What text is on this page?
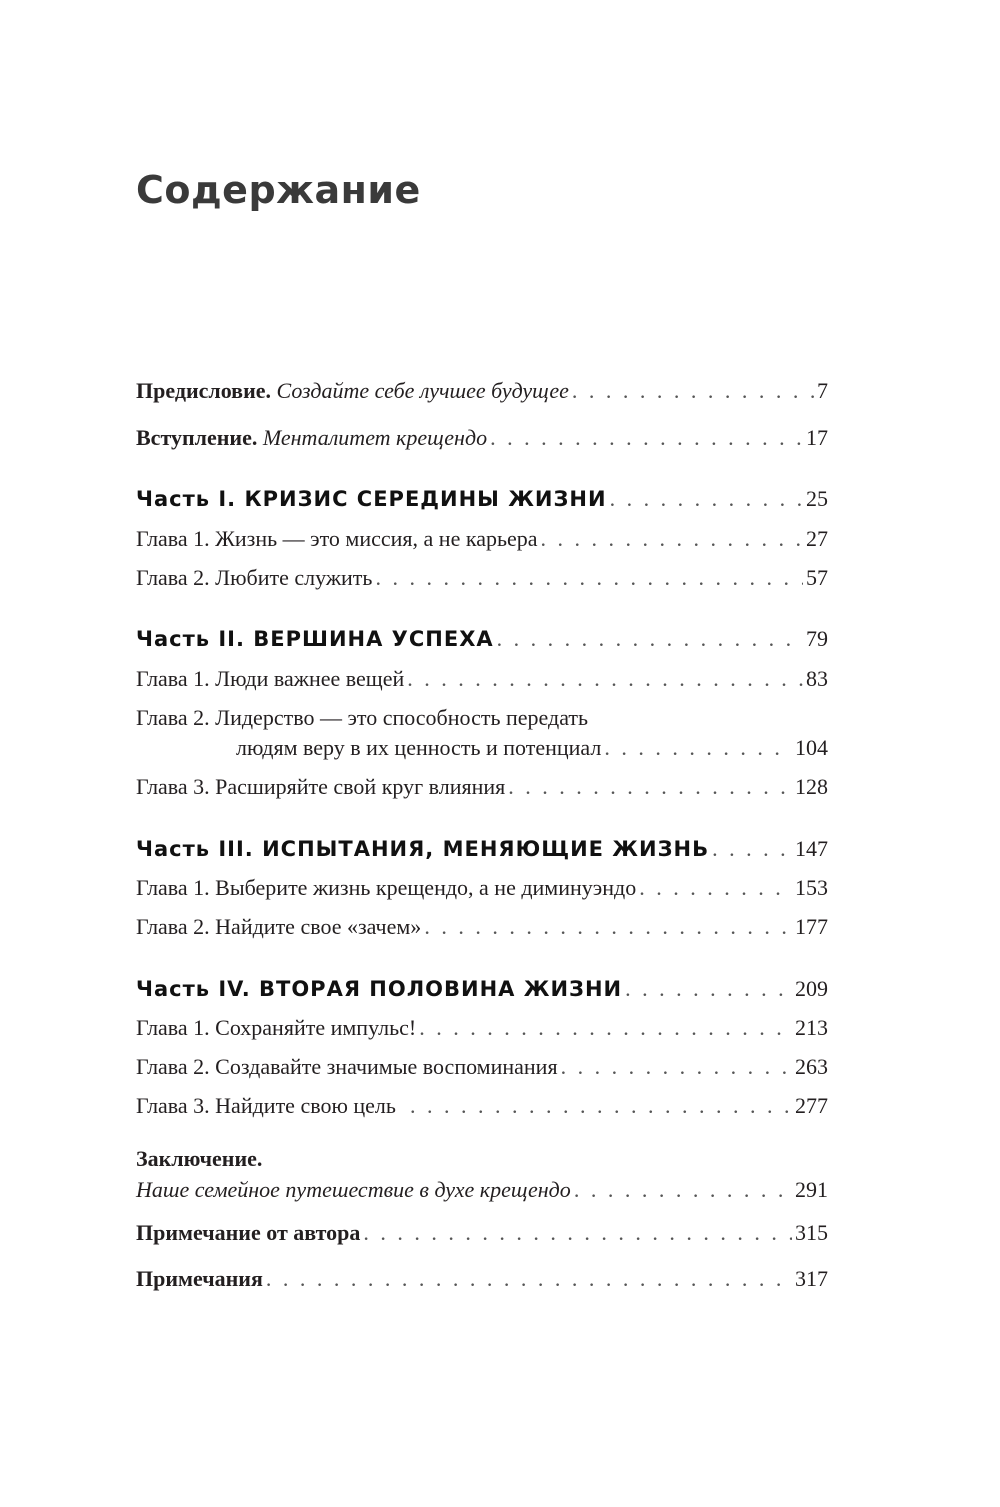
Содержание
Предисловие. Создайте себе лучшее будущее . . .	7
Вступление. Менталитет крещендо . . .	17
Часть I. КРИЗИС СЕРЕДИНЫ ЖИЗНИ . . .	25
Глава 1. Жизнь — это миссия, а не карьера . . .	27
Глава 2. Любите служить . . .	57
Часть II. ВЕРШИНА УСПЕХА . . .	79
Глава 1. Люди важнее вещей . . .	83
Глава 2. Лидерство — это способность передать
людям веру в их ценность и потенциал . . .	104
Глава 3. Расширяйте свой круг влияния . . .	128
Часть III. ИСПЫТАНИЯ, МЕНЯЮЩИЕ ЖИЗНЬ . . .	147
Глава 1. Выберите жизнь крещендо, а не диминуэндо . . .	153
Глава 2. Найдите свое «зачем» . . .	177
Часть IV. ВТОРАЯ ПОЛОВИНА ЖИЗНИ . . .	209
Глава 1. Сохраняйте импульс! . . .	213
Глава 2. Создавайте значимые воспоминания . . .	263
Глава 3. Найдите свою цель . . .	277
Заключение.
Наше семейное путешествие в духе крещендо . . .	291
Примечание от автора . . .	315
Примечания . . .	317
